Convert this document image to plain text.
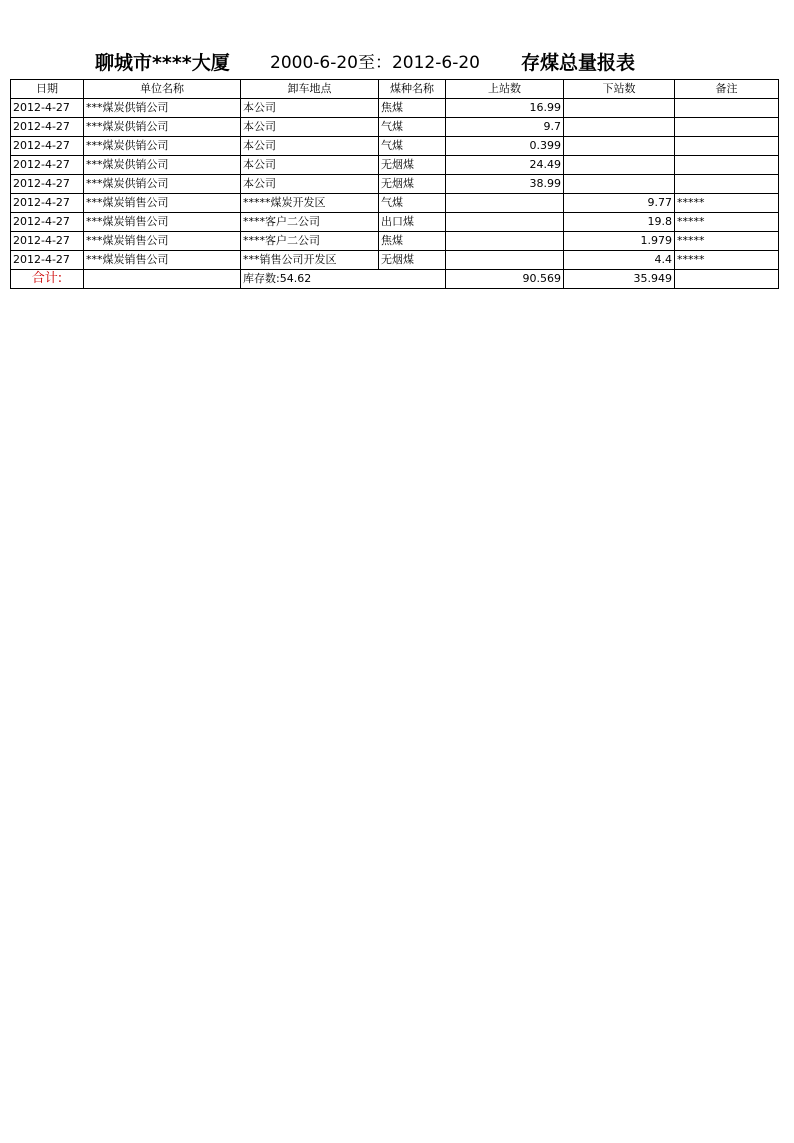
聊城市****大厦 2000-6-20至：2012-6-20 存煤总量报表
日期	单位名称	卸车地点	煤种名称	上站数	下站数	备注
2012-4-27	***煤炭供销公司	本公司	焦煤	16.99		
2012-4-27	***煤炭供销公司	本公司	气煤	9.7		
2012-4-27	***煤炭供销公司	本公司	气煤	0.399		
2012-4-27	***煤炭供销公司	本公司	无烟煤	24.49		
2012-4-27	***煤炭供销公司	本公司	无烟煤	38.99		
2012-4-27	***煤炭销售公司	*****煤炭开发区	气煤		9.77	*****
2012-4-27	***煤炭销售公司	****客户二公司	出口煤		19.8	*****
2012-4-27	***煤炭销售公司	****客户二公司	焦煤		1.979	*****
2012-4-27	***煤炭销售公司	***销售公司开发区	无烟煤		4.4	*****
合计:		库存数:54.62		90.569	35.949	
